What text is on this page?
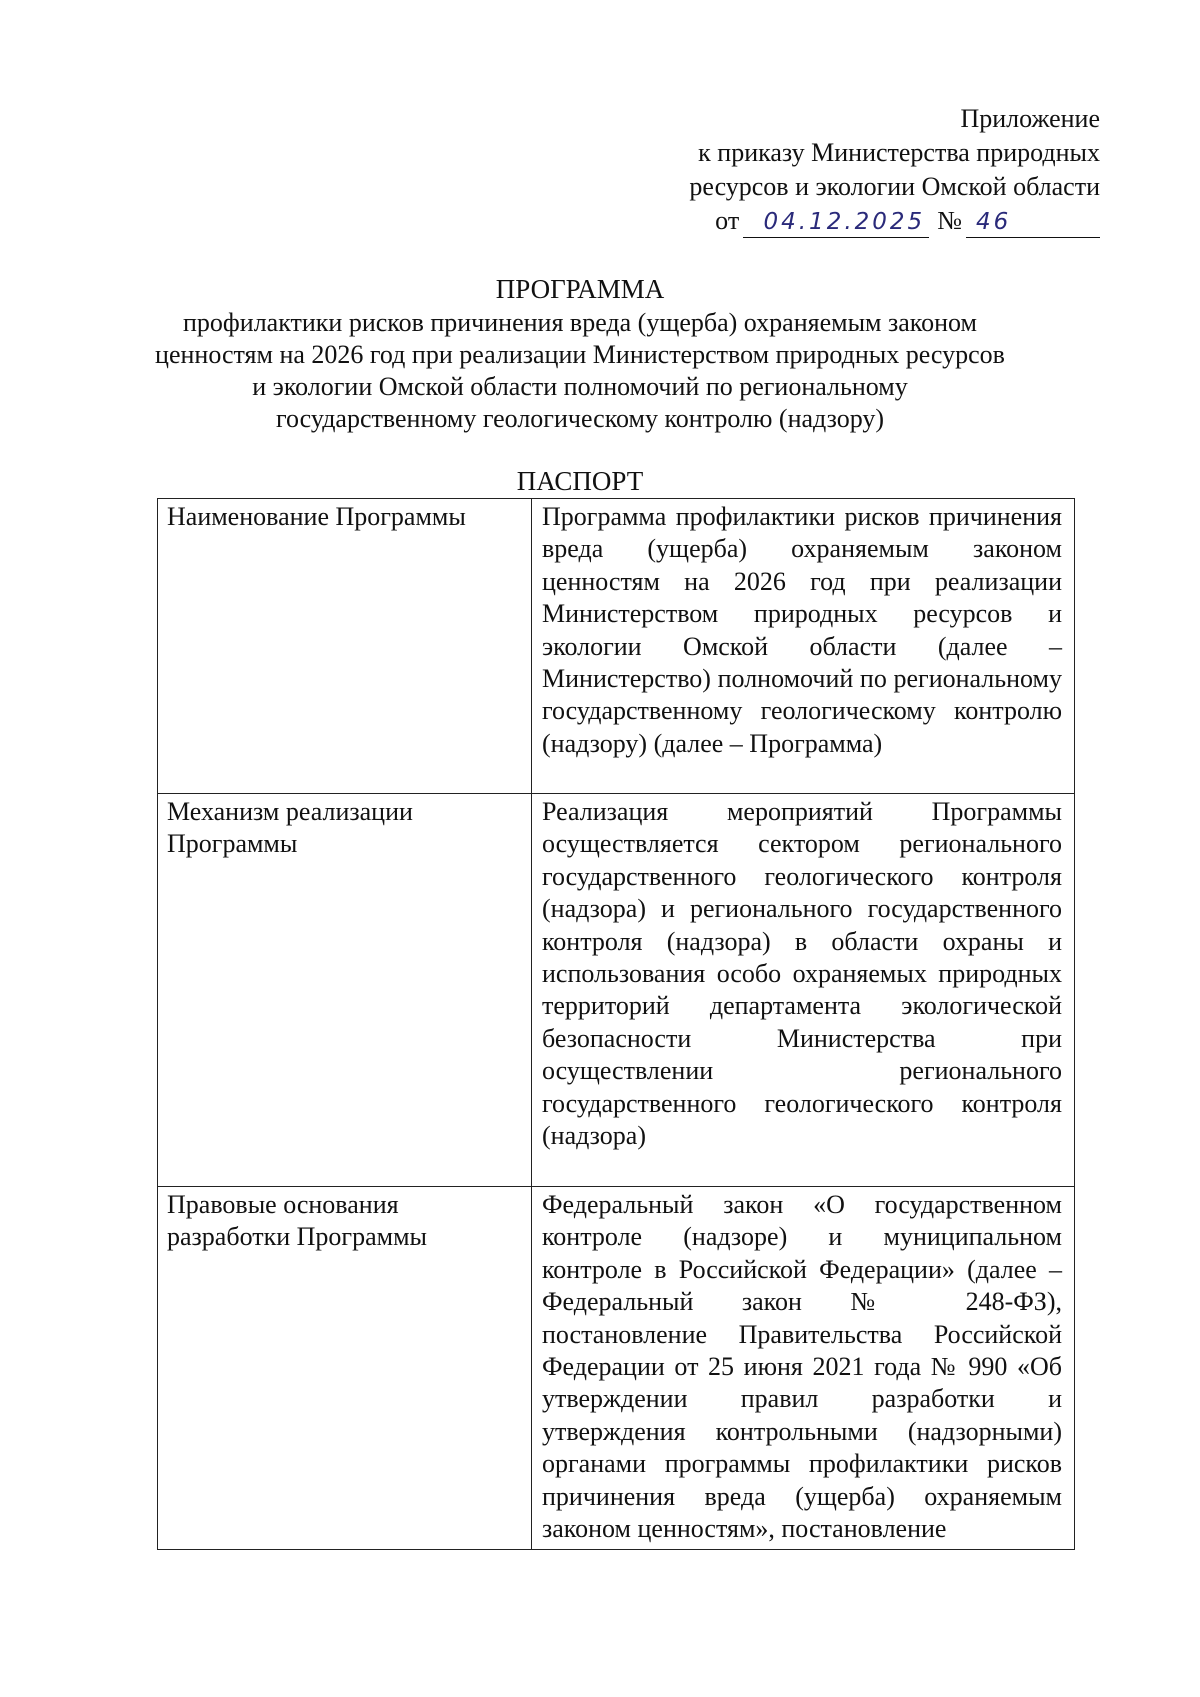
Приложение
к приказу Министерства природных
ресурсов и экологии Омской области
от	04.12.2025 № 46
ПРОГРАММА
профилактики рисков причинения вреда (ущерба) охраняемым законом
ценностям на 2026 год при реализации Министерством природных ресурсов
и экологии Омской области полномочий по региональному
государственному геологическому контролю (надзору)
ПАСПОРТ
Наименование Программы	Программа профилактики рисков причинения вреда (ущерба) охраняемым законом ценностям на 2026 год при реализации Министерством природных ресурсов и экологии Омской области (далее – Министерство) полномочий по региональному государственному геологическому контролю (надзору) (далее – Программа)

Механизм реализации Программы	Реализация мероприятий Программы осуществляется сектором регионального государственного геологического контроля (надзора) и регионального государственного контроля (надзора) в области охраны и использования особо охраняемых природных территорий департамента экологической безопасности Министерства при осуществлении регионального государственного геологического контроля (надзора)

Правовые основания разработки Программы	Федеральный закон «О государственном контроле (надзоре) и муниципальном контроле в Российской Федерации» (далее – Федеральный закон № 248-ФЗ), постановление Правительства Российской Федерации от 25 июня 2021 года № 990 «Об утверждении правил разработки и утверждения контрольными (надзорными) органами программы профилактики рисков причинения вреда (ущерба) охраняемым законом ценностям», постановление
